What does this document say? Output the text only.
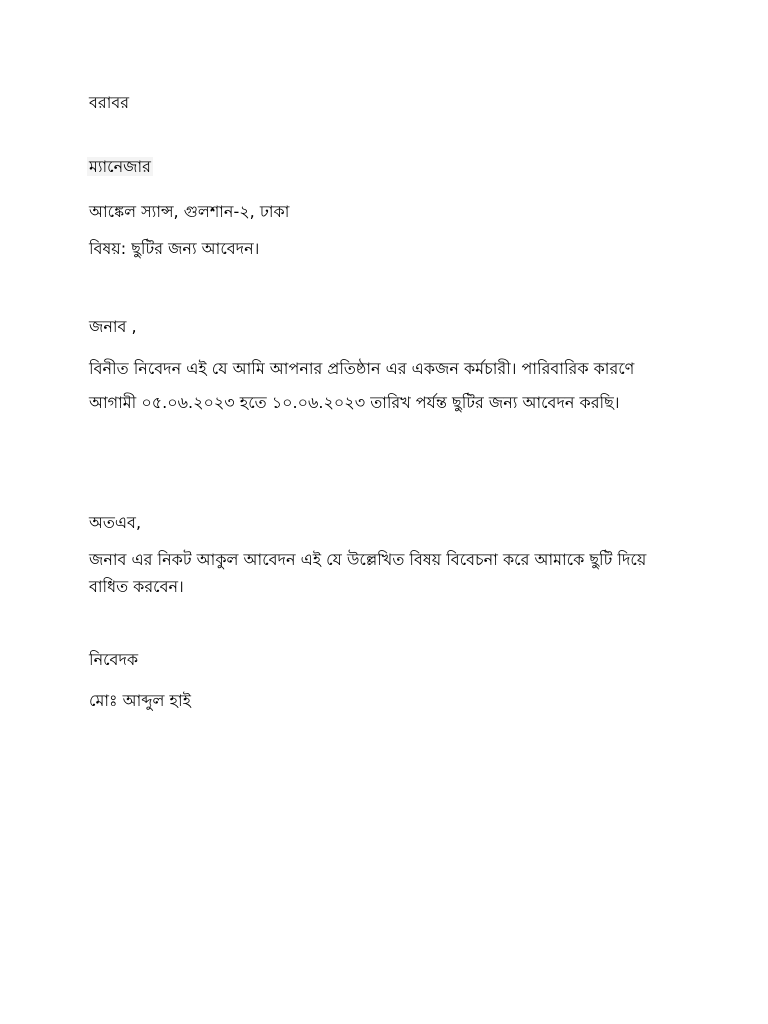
বরাবর
ম্যানেজার
আঙ্কেল স্যান্স, গুলশান-২, ঢাকা
বিষয়: ছুটির জন্য আবেদন।
জনাব ,
বিনীত নিবেদন এই যে আমি আপনার প্রতিষ্ঠান এর একজন কর্মচারী। পারিবারিক কারণে আগামী ০৫.০৬.২০২৩ হতে ১০.০৬.২০২৩ তারিখ পর্যন্ত ছুটির জন্য আবেদন করছি।
অতএব,
জনাব এর নিকট আকুল আবেদন এই যে উল্লেখিত বিষয় বিবেচনা করে আমাকে ছুটি দিয়ে বাধিত করবেন।
নিবেদক
মোঃ আব্দুল হাই
